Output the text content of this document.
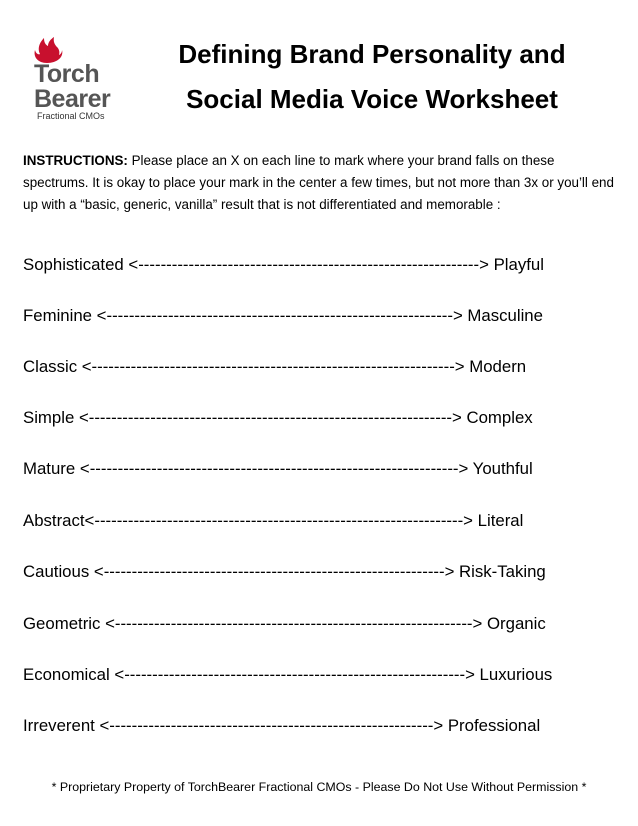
Torch
Bearer
Fractional CMOs
Defining Brand Personality and
Social Media Voice Worksheet
INSTRUCTIONS: Please place an X on each line to mark where your brand falls on these spectrums. It is okay to place your mark in the center a few times, but not more than 3x or you’ll end up with a “basic, generic, vanilla” result that is not differentiated and memorable :
Sophisticated <-------------------------------------------------------------> Playful
Feminine <--------------------------------------------------------------> Masculine
Classic <-----------------------------------------------------------------> Modern
Simple <-----------------------------------------------------------------> Complex
Mature <------------------------------------------------------------------> Youthful
Abstract<------------------------------------------------------------------> Literal
Cautious <-------------------------------------------------------------> Risk-Taking
Geometric <----------------------------------------------------------------> Organic
Economical <-------------------------------------------------------------> Luxurious
Irreverent <----------------------------------------------------------> Professional
* Proprietary Property of TorchBearer Fractional CMOs - Please Do Not Use Without Permission *
